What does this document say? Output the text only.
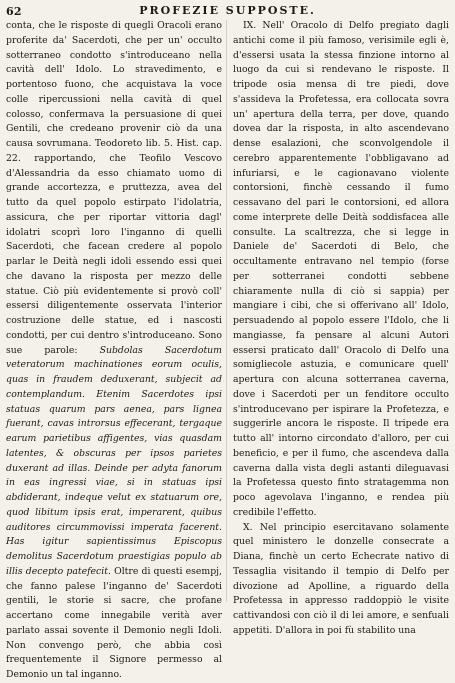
62	PROFEZIE SUPPOSTE.

conta, che le risposte di quegli Oracoli erano proferite da' Sacerdoti, che per un' occulto sotterraneo condotto s'introduceano nella cavità dell' Idolo. Lo stravedimento, e portentoso fuono, che acquistava la voce colle ripercussioni nella cavità di quel colosso, confermava la persuasione di quei Gentili, che credeano provenir ciò da una causa sovrumana. Teodoreto lib. 5. Hist. cap. 22. rapportando, che Teofilo Vescovo d'Alessandria da esso chiamato uomo di grande accortezza, e pruttezza, avea del tutto da quel popolo estirpato l'idolatria, assicura, che per riportar vittoria dagl' idolatri scoprì loro l'inganno di quelli Sacerdoti, che facean credere al popolo parlar le Deità negli idoli essendo essi quei che davano la risposta per mezzo delle statue. Ciò più evidentemente si provò coll' essersi diligentemente osservata l'interior costruzione delle statue, ed i nascosti condotti, per cui dentro s'introduceano. Sono sue parole: Subdolas Sacerdotum veteratorum machinationes eorum oculis, quas in fraudem deduxerant, subjecit ad contemplandum. Etenim Sacerdotes ipsi statuas quarum pars aenea, pars lignea fuerant, cavas introrsus effecerant, tergaque earum parietibus affigentes, vias quasdam latentes, & obscuras per ipsos parietes duxerant ad illas. Deinde per adyta fanorum in eas ingressi viae, si in statuas ipsi abdiderant, indeque velut ex statuarum ore, quod libitum ipsis erat, imperarent, quibus auditores circummovissi imperata facerent. Has igitur sapientissimus Episcopus demolitus Sacerdotum praestigias populo ab illis decepto patefecit. Oltre di questi esempj, che fanno palese l'inganno de' Sacerdoti gentili, le storie si sacre, che profane accertano come innegabile verità aver parlato assai sovente il Demonio negli Idoli. Non convengo però, che abbia così frequentemente il Signore permesso al Demonio un tal inganno.

IX. Nell' Oracolo di Delfo pregiato dagli antichi come il più famoso, verisimile egli è, d'essersi usata la stessa finzione intorno al luogo da cui si rendevano le risposte. Il tripode osia mensa di tre piedi, dove s'assideva la Profetessa, era collocata sovra un' apertura della terra, per dove, quando dovea dar la risposta, in alto ascendevano dense esalazioni, che sconvolgendole il cerebro apparentemente l'obbligavano ad infuriarsi, e le cagionavano violente contorsioni, finchè cessando il fumo cessavano del pari le contorsioni, ed allora come interprete delle Deità soddisfacea alle consulte. La scaltrezza, che si legge in Daniele de' Sacerdoti di Belo, che occultamente entravano nel tempio (forse per sotterranei condotti sebbene chiaramente nulla di ciò si sappia) per mangiare i cibi, che si offerivano all' Idolo, persuadendo al popolo essere l'Idolo, che li mangiasse, fa pensare al alcuni Autori essersi praticato dall' Oracolo di Delfo una somigliecole astuzia, e comunicare quell' apertura con alcuna sotterranea caverna, dove i Sacerdoti per un fenditore occulto s'introducevano per ispirare la Profetezza, e suggerirle ancora le risposte. Il tripede era tutto all' intorno circondato d'alloro, per cui beneficio, e per il fumo, che ascendeva dalla caverna dalla vista degli astanti dileguavasi la Profetessa questo finto stratagemma non poco agevolava l'inganno, e rendea più credibile l'effetto.

X. Nel principio esercitavano solamente quel ministero le donzelle consecrate a Diana, finchè un certo Echecrate nativo di Tessaglia visitando il tempio di Delfo per divozione ad Apolline, a riguardo della Profetessa in appresso raddoppiò le visite cattivandosi con ciò il di lei amore, e senfuali appetiti. D'allora in poi fù stabilito una
